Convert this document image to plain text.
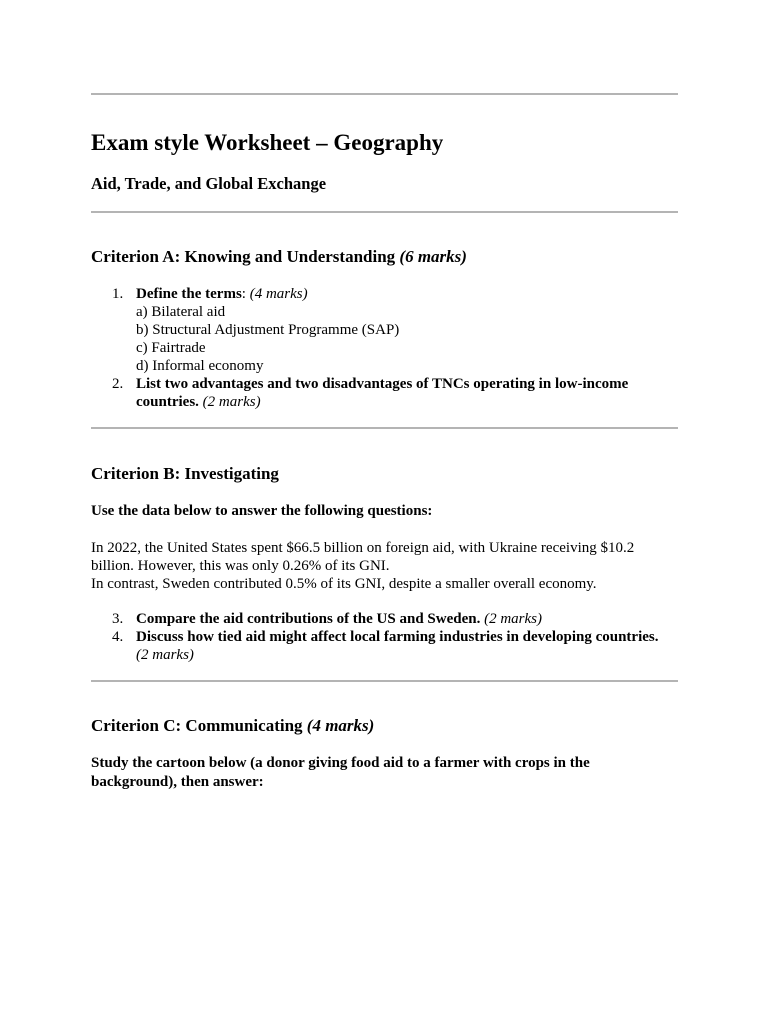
Exam style Worksheet – Geography
Aid, Trade, and Global Exchange
Criterion A: Knowing and Understanding (6 marks)
1. Define the terms: (4 marks)
a) Bilateral aid
b) Structural Adjustment Programme (SAP)
c) Fairtrade
d) Informal economy
2. List two advantages and two disadvantages of TNCs operating in low-income
countries. (2 marks)
Criterion B: Investigating
Use the data below to answer the following questions:
In 2022, the United States spent $66.5 billion on foreign aid, with Ukraine receiving $10.2
billion. However, this was only 0.26% of its GNI.
In contrast, Sweden contributed 0.5% of its GNI, despite a smaller overall economy.
3. Compare the aid contributions of the US and Sweden. (2 marks)
4. Discuss how tied aid might affect local farming industries in developing countries.
(2 marks)
Criterion C: Communicating (4 marks)
Study the cartoon below (a donor giving food aid to a farmer with crops in the
background), then answer:
